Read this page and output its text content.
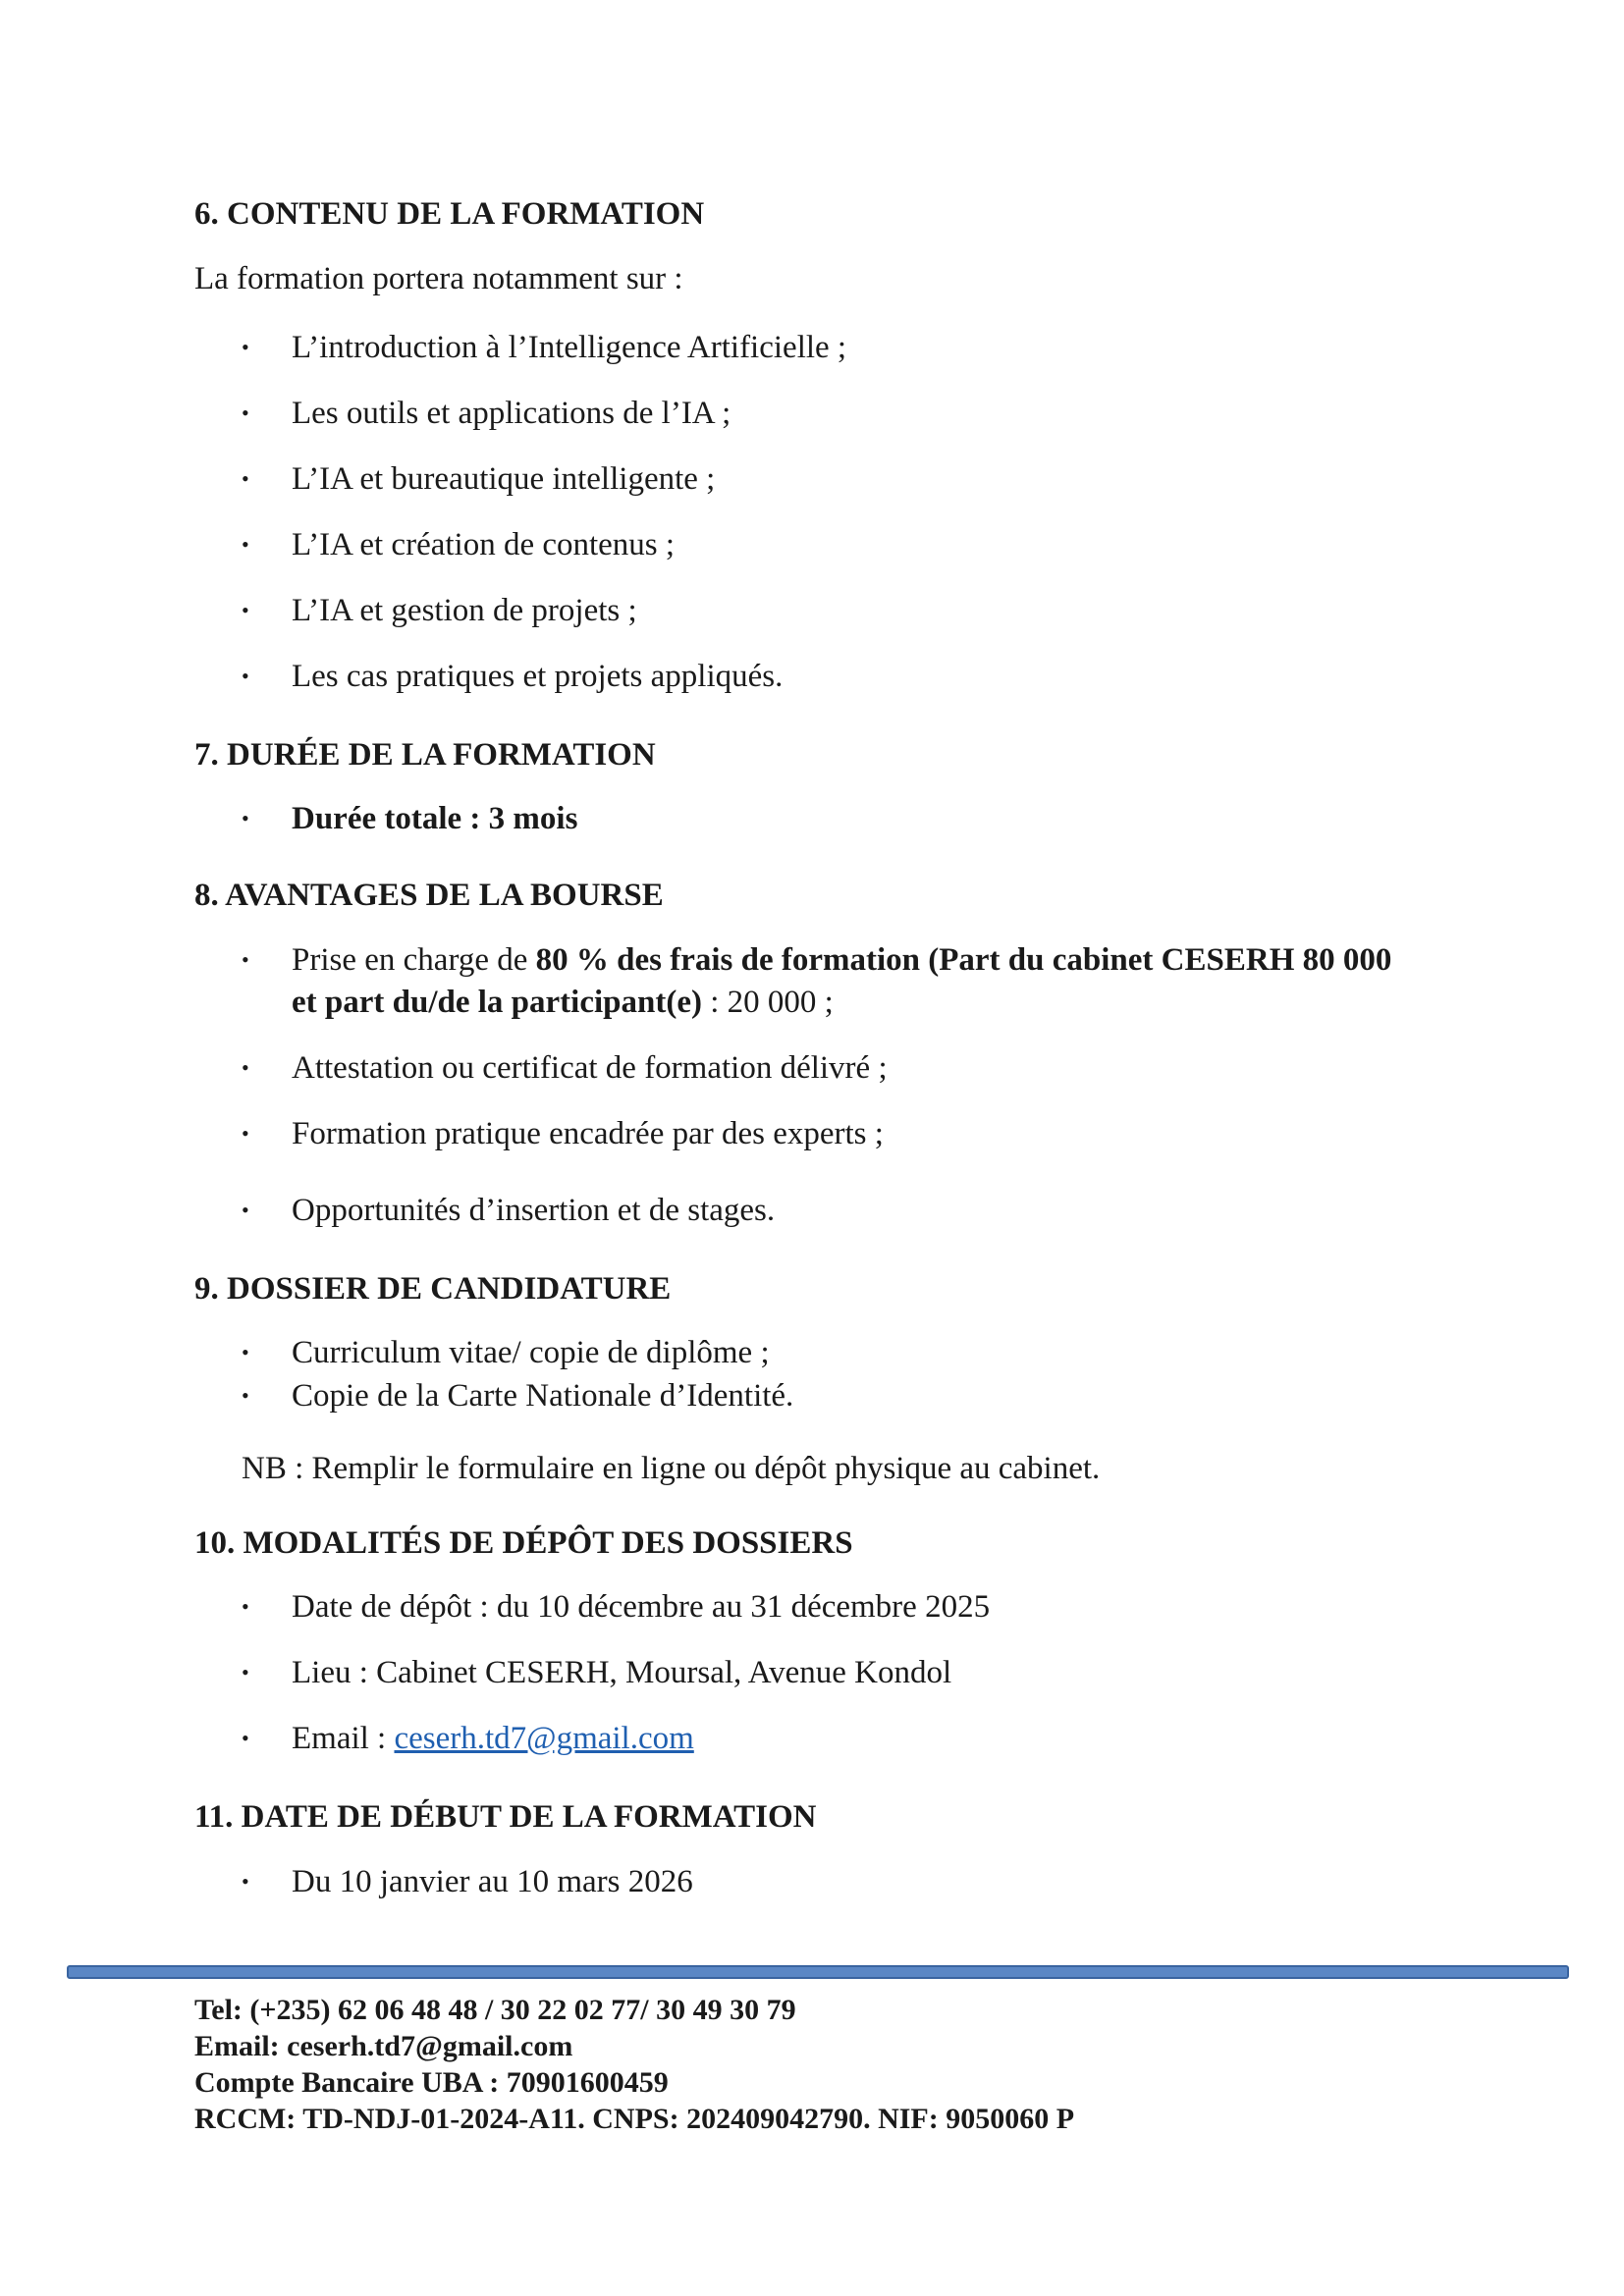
6. CONTENU DE LA FORMATION

La formation portera notamment sur :

• L’introduction à l’Intelligence Artificielle ;
• Les outils et applications de l’IA ;
• L’IA et bureautique intelligente ;
• L’IA et création de contenus ;
• L’IA et gestion de projets ;
• Les cas pratiques et projets appliqués.
7. DURÉE DE LA FORMATION
• Durée totale : 3 mois
8. AVANTAGES DE LA BOURSE
• Prise en charge de 80 % des frais de formation (Part du cabinet CESERH 80 000
et part du/de la participant(e) : 20 000 ;
• Attestation ou certificat de formation délivré ;
• Formation pratique encadrée par des experts ;
• Opportunités d’insertion et de stages.
9. DOSSIER DE CANDIDATURE
• Curriculum vitae/ copie de diplôme ;
• Copie de la Carte Nationale d’Identité.

NB : Remplir le formulaire en ligne ou dépôt physique au cabinet.

10. MODALITÉS DE DÉPÔT DES DOSSIERS
• Date de dépôt : du 10 décembre au 31 décembre 2025
• Lieu : Cabinet CESERH, Moursal, Avenue Kondol
• Email : ceserh.td7@gmail.com
11. DATE DE DÉBUT DE LA FORMATION
• Du 10 janvier au 10 mars 2026
Tel: (+235) 62 06 48 48 / 30 22 02 77/ 30 49 30 79
Email: ceserh.td7@gmail.com
Compte Bancaire UBA : 70901600459
RCCM: TD-NDJ-01-2024-A11. CNPS: 202409042790. NIF: 9050060 P
